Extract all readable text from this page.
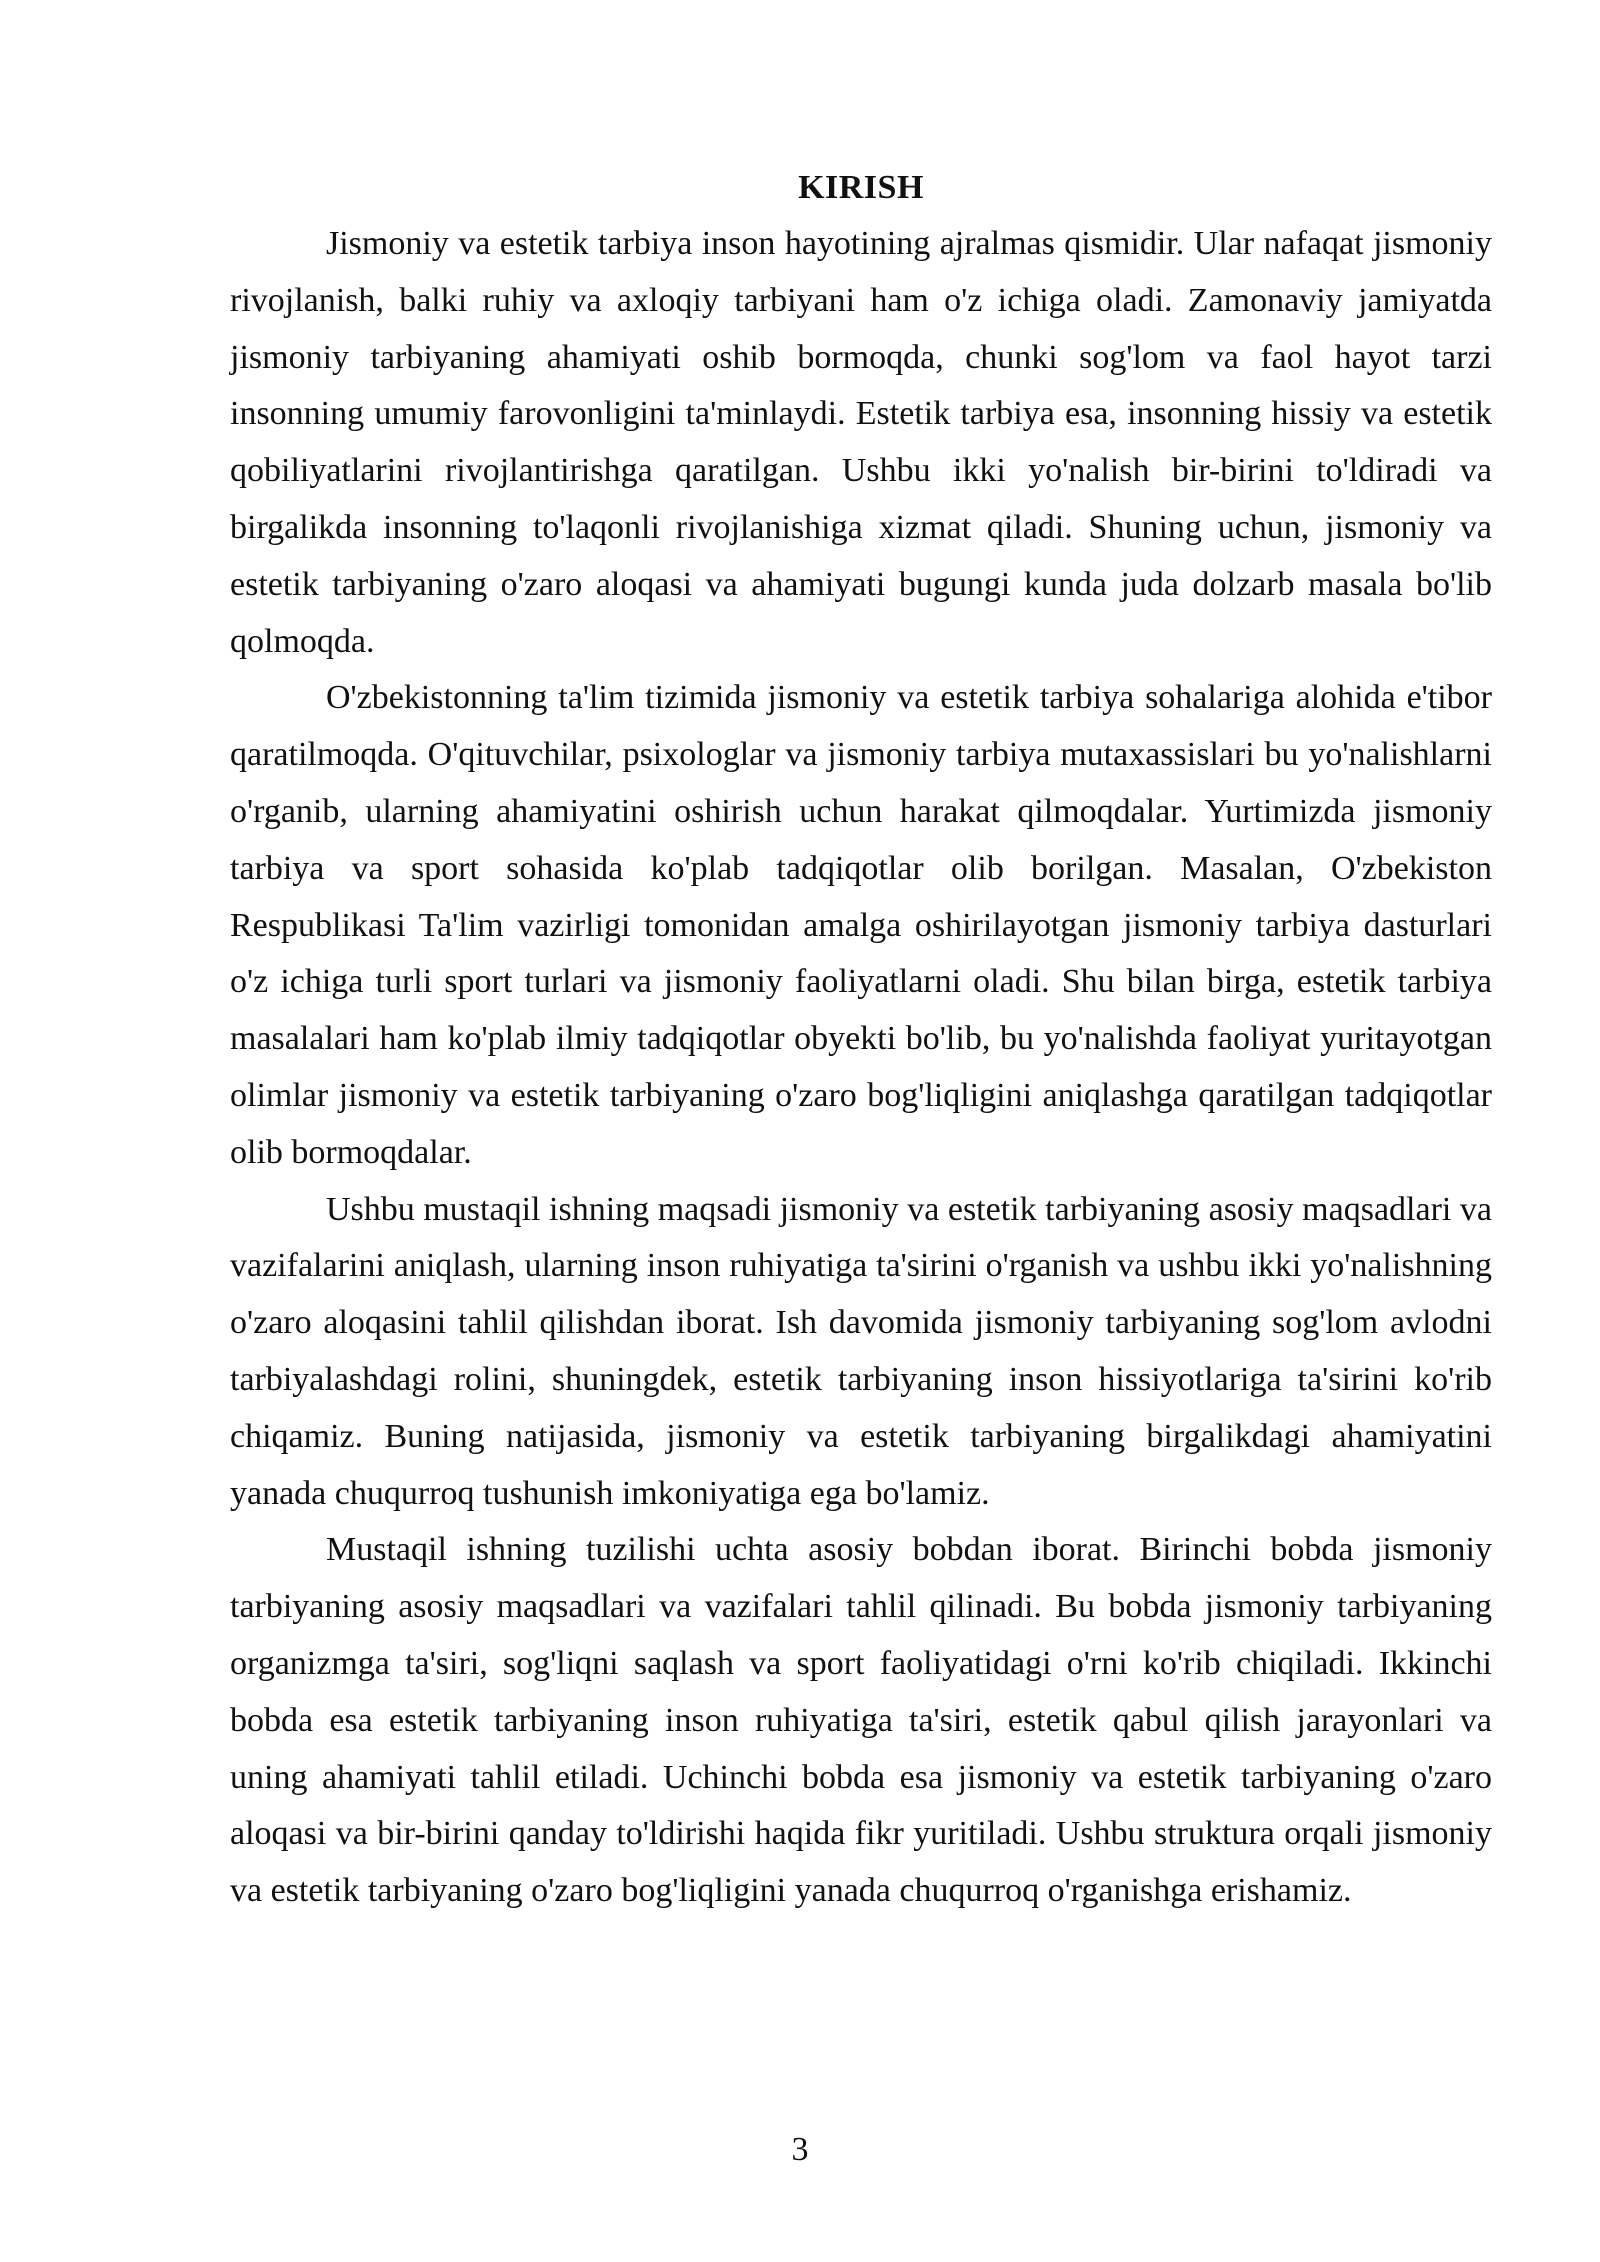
KIRISH

Jismoniy va estetik tarbiya inson hayotining ajralmas qismidir. Ular nafaqat jismoniy rivojlanish, balki ruhiy va axloqiy tarbiyani ham o'z ichiga oladi. Zamonaviy jamiyatda jismoniy tarbiyaning ahamiyati oshib bormoqda, chunki sog'lom va faol hayot tarzi insonning umumiy farovonligini ta'minlaydi. Estetik tarbiya esa, insonning hissiy va estetik qobiliyatlarini rivojlantirishga qaratilgan. Ushbu ikki yo'nalish bir-birini to'ldiradi va birgalikda insonning to'laqonli rivojlanishiga xizmat qiladi. Shuning uchun, jismoniy va estetik tarbiyaning o'zaro aloqasi va ahamiyati bugungi kunda juda dolzarb masala bo'lib qolmoqda.

O'zbekistonning ta'lim tizimida jismoniy va estetik tarbiya sohalariga alohida e'tibor qaratilmoqda. O'qituvchilar, psixologlar va jismoniy tarbiya mutaxassislari bu yo'nalishlarni o'rganib, ularning ahamiyatini oshirish uchun harakat qilmoqdalar. Yurtimizda jismoniy tarbiya va sport sohasida ko'plab tadqiqotlar olib borilgan. Masalan, O'zbekiston Respublikasi Ta'lim vazirligi tomonidan amalga oshirilayotgan jismoniy tarbiya dasturlari o'z ichiga turli sport turlari va jismoniy faoliyatlarni oladi. Shu bilan birga, estetik tarbiya masalalari ham ko'plab ilmiy tadqiqotlar obyekti bo'lib, bu yo'nalishda faoliyat yuritayotgan olimlar jismoniy va estetik tarbiyaning o'zaro bog'liqligini aniqlashga qaratilgan tadqiqotlar olib bormoqdalar.

Ushbu mustaqil ishning maqsadi jismoniy va estetik tarbiyaning asosiy maqsadlari va vazifalarini aniqlash, ularning inson ruhiyatiga ta'sirini o'rganish va ushbu ikki yo'nalishning o'zaro aloqasini tahlil qilishdan iborat. Ish davomida jismoniy tarbiyaning sog'lom avlodni tarbiyalashdagi rolini, shuningdek, estetik tarbiyaning inson hissiyotlariga ta'sirini ko'rib chiqamiz. Buning natijasida, jismoniy va estetik tarbiyaning birgalikdagi ahamiyatini yanada chuqurroq tushunish imkoniyatiga ega bo'lamiz.

Mustaqil ishning tuzilishi uchta asosiy bobdan iborat. Birinchi bobda jismoniy tarbiyaning asosiy maqsadlari va vazifalari tahlil qilinadi. Bu bobda jismoniy tarbiyaning organizmga ta'siri, sog'liqni saqlash va sport faoliyatidagi o'rni ko'rib chiqiladi. Ikkinchi bobda esa estetik tarbiyaning inson ruhiyatiga ta'siri, estetik qabul qilish jarayonlari va uning ahamiyati tahlil etiladi. Uchinchi bobda esa jismoniy va estetik tarbiyaning o'zaro aloqasi va bir-birini qanday to'ldirishi haqida fikr yuritiladi. Ushbu struktura orqali jismoniy va estetik tarbiyaning o'zaro bog'liqligini yanada chuqurroq o'rganishga erishamiz.

3
